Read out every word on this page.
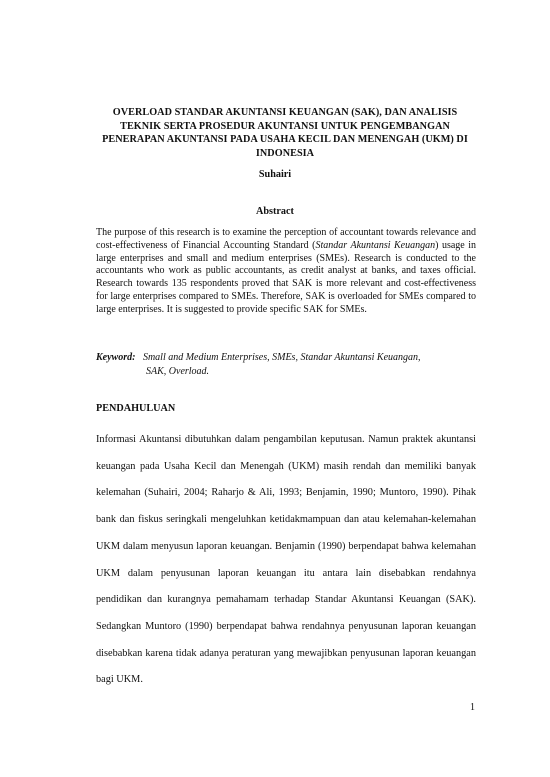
OVERLOAD STANDAR AKUNTANSI KEUANGAN (SAK), DAN ANALISIS TEKNIK SERTA PROSEDUR AKUNTANSI UNTUK PENGEMBANGAN PENERAPAN AKUNTANSI PADA USAHA KECIL DAN MENENGAH (UKM) DI INDONESIA
Suhairi
Abstract
The purpose of this research is to examine the perception of accountant towards relevance and cost-effectiveness of Financial Accounting Standard (Standar Akuntansi Keuangan) usage in large enterprises and small and medium enterprises (SMEs). Research is conducted to the accountants who work as public accountants, as credit analyst at banks, and taxes official. Research towards 135 respondents proved that SAK is more relevant and cost-effectiveness for large enterprises compared to SMEs. Therefore, SAK is overloaded for SMEs compared to large enterprises. It is suggested to provide specific SAK for SMEs.
Keyword: Small and Medium Enterprises, SMEs, Standar Akuntansi Keuangan,
SAK, Overload.
PENDAHULUAN
Informasi Akuntansi dibutuhkan dalam pengambilan keputusan. Namun praktek akuntansi keuangan pada Usaha Kecil dan Menengah (UKM) masih rendah dan memiliki banyak kelemahan (Suhairi, 2004; Raharjo & Ali, 1993; Benjamin, 1990; Muntoro, 1990). Pihak bank dan fiskus seringkali mengeluhkan ketidakmampuan dan atau kelemahan-kelemahan UKM dalam menyusun laporan keuangan. Benjamin (1990) berpendapat bahwa kelemahan UKM dalam penyusunan laporan keuangan itu antara lain disebabkan rendahnya pendidikan dan kurangnya pemahamam terhadap Standar Akuntansi Keuangan (SAK). Sedangkan Muntoro (1990) berpendapat bahwa rendahnya penyusunan laporan keuangan disebabkan karena tidak adanya peraturan yang mewajibkan penyusunan laporan keuangan bagi UKM.
1
